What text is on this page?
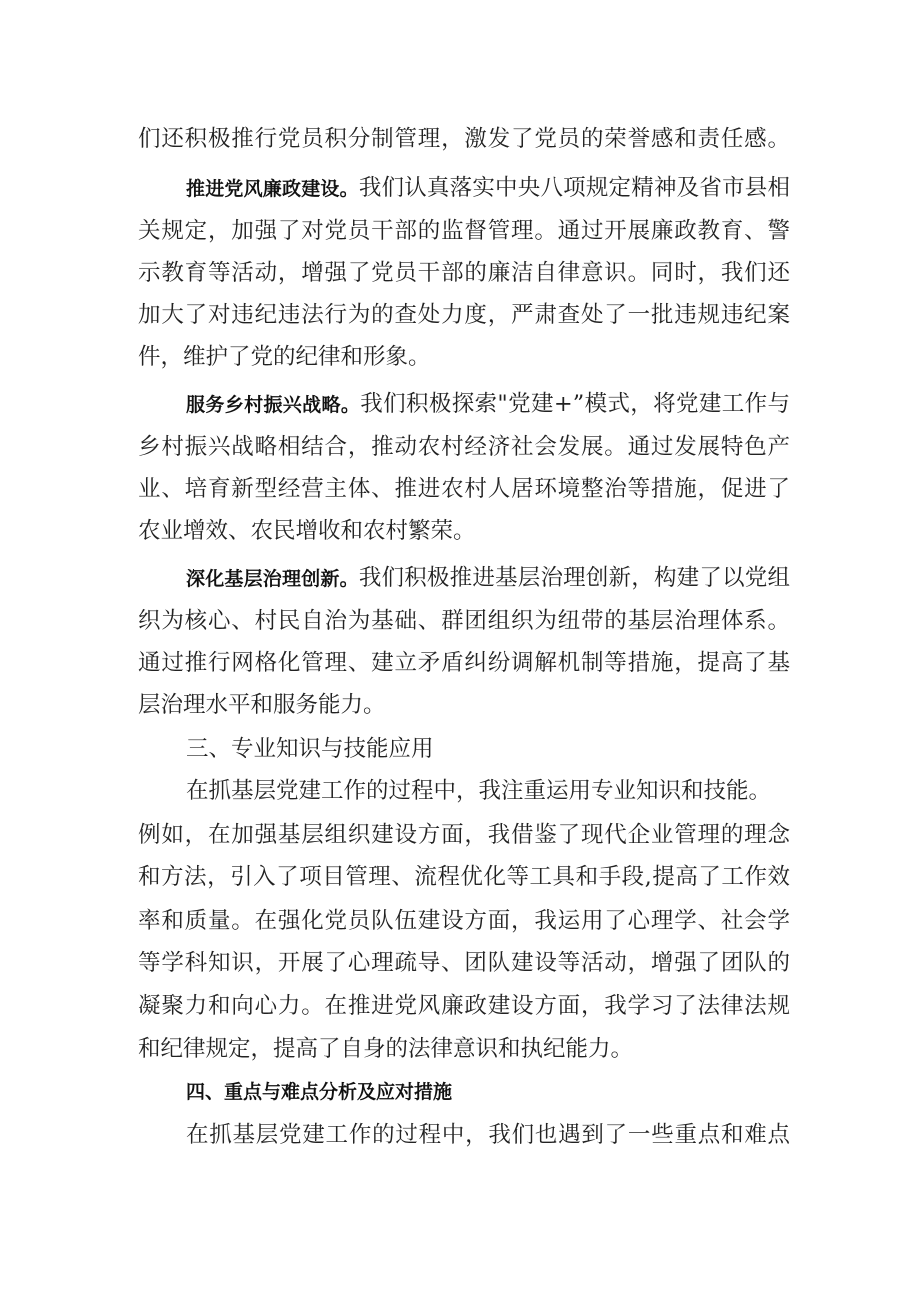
们还积极推行党员积分制管理，激发了党员的荣誉感和责任感。
推进党风廉政建设。我们认真落实中央八项规定精神及省市县相
关规定，加强了对党员干部的监督管理。通过开展廉政教育、警
示教育等活动，增强了党员干部的廉洁自律意识。同时，我们还
加大了对违纪违法行为的查处力度，严肃查处了一批违规违纪案
件，维护了党的纪律和形象。
服务乡村振兴战略。我们积极探索"党建+”模式，将党建工作与
乡村振兴战略相结合，推动农村经济社会发展。通过发展特色产
业、培育新型经营主体、推进农村人居环境整治等措施，促进了
农业增效、农民增收和农村繁荣。
深化基层治理创新。我们积极推进基层治理创新，构建了以党组
织为核心、村民自治为基础、群团组织为纽带的基层治理体系。
通过推行网格化管理、建立矛盾纠纷调解机制等措施，提高了基
层治理水平和服务能力。
三、专业知识与技能应用
在抓基层党建工作的过程中，我注重运用专业知识和技能。
例如，在加强基层组织建设方面，我借鉴了现代企业管理的理念
和方法，引入了项目管理、流程优化等工具和手段,提高了工作效
率和质量。在强化党员队伍建设方面，我运用了心理学、社会学
等学科知识，开展了心理疏导、团队建设等活动，增强了团队的
凝聚力和向心力。在推进党风廉政建设方面，我学习了法律法规
和纪律规定，提高了自身的法律意识和执纪能力。
四、重点与难点分析及应对措施
在抓基层党建工作的过程中，我们也遇到了一些重点和难点
